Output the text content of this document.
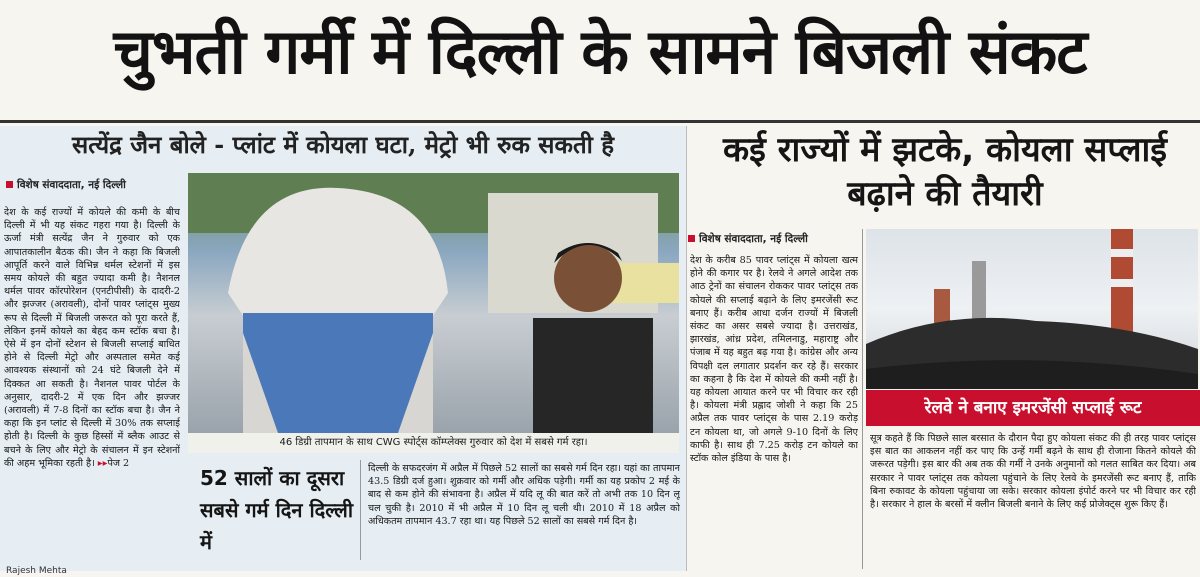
चुभती गर्मी में दिल्ली के सामने बिजली संकट
सत्येंद्र जैन बोले - प्लांट में कोयला घटा, मेट्रो भी रुक सकती है	कई राज्यों में झटके, कोयला सप्लाई बढ़ाने की तैयारी
विशेष संवाददाता, नई दिल्ली
देश के कई राज्यों में कोयले की कमी के बीच दिल्ली में भी यह संकट गहरा गया है। दिल्ली के ऊर्जा मंत्री सत्येंद्र जैन ने गुरुवार को एक आपातकालीन बैठक की। जैन ने कहा कि बिजली आपूर्ति करने वाले विभिन्न थर्मल स्टेशनों में इस समय कोयले की बहुत ज्यादा कमी है। नैशनल थर्मल पावर कॉरपोरेशन (एनटीपीसी) के दादरी-2 और झज्जर (अरावली), दोनों पावर प्लांट्स मुख्य रूप से दिल्ली में बिजली जरूरत को पूरा करते हैं, लेकिन इनमें कोयले का बेहद कम स्टॉक बचा है। ऐसे में इन दोनों स्टेशन से बिजली सप्लाई बाधित होने से दिल्ली मेट्रो और अस्पताल समेत कई आवश्यक संस्थानों को 24 घंटे बिजली देने में दिक्कत आ सकती है। नैशनल पावर पोर्टल के अनुसार, दादरी-2 में एक दिन और झज्जर (अरावली) में 7-8 दिनों का स्टॉक बचा है। जैन ने कहा कि इन प्लांट से दिल्ली में 30% तक सप्लाई होती है। दिल्ली के कुछ हिस्सों में ब्लैक आउट से बचने के लिए और मेट्रो के संचालन में इन स्टेशनों की अहम भूमिका रहती है। ▸▸पेज 2
46 डिग्री तापमान के साथ CWG स्पोर्ट्स कॉम्प्लेक्स गुरुवार को देश में सबसे गर्म रहा।
52 सालों का दूसरा सबसे गर्म दिन दिल्ली में
दिल्ली के सफदरजंग में अप्रैल में पिछले 52 सालों का सबसे गर्म दिन रहा। यहां का तापमान 43.5 डिग्री दर्ज हुआ। शुक्रवार को गर्मी और अधिक पड़ेगी। गर्मी का यह प्रकोप 2 मई के बाद से कम होने की संभावना है। अप्रैल में यदि लू की बात करें तो अभी तक 10 दिन लू चल चुकी है। 2010 में भी अप्रैल में 10 दिन लू चली थी। 2010 में 18 अप्रैल को अधिकतम तापमान 43.7 रहा था। यह पिछले 52 सालों का सबसे गर्म दिन है।
Rajesh Mehta
विशेष संवाददाता, नई दिल्ली
देश के करीब 85 पावर प्लांट्स में कोयला खत्म होने की कगार पर है। रेलवे ने अगले आदेश तक आठ ट्रेनों का संचालन रोककर पावर प्लांट्स तक कोयले की सप्लाई बढ़ाने के लिए इमरजेंसी रूट बनाए हैं। करीब आधा दर्जन राज्यों में बिजली संकट का असर सबसे ज्यादा है। उत्तराखंड, झारखंड, आंध्र प्रदेश, तमिलनाडु, महाराष्ट्र और पंजाब में यह बहुत बढ़ गया है। कांग्रेस और अन्य विपक्षी दल लगातार प्रदर्शन कर रहे हैं। सरकार का कहना है कि देश में कोयले की कमी नहीं है। यह कोयला आयात करने पर भी विचार कर रही है। कोयला मंत्री प्रह्लाद जोशी ने कहा कि 25 अप्रैल तक पावर प्लांट्स के पास 2.19 करोड़ टन कोयला था, जो अगले 9-10 दिनों के लिए काफी है। साथ ही 7.25 करोड़ टन कोयले का स्टॉक कोल इंडिया के पास है।
रेलवे ने बनाए इमरजेंसी सप्लाई रूट
सूत्र कहते हैं कि पिछले साल बरसात के दौरान पैदा हुए कोयला संकट की ही तरह पावर प्लांट्स इस बात का आकलन नहीं कर पाए कि उन्हें गर्मी बढ़ने के साथ ही रोजाना कितने कोयले की जरूरत पड़ेगी। इस बार की अब तक की गर्मी ने उनके अनुमानों को गलत साबित कर दिया। अब सरकार ने पावर प्लांट्स तक कोयला पहुंचाने के लिए रेलवे के इमरजेंसी रूट बनाए हैं, ताकि बिना रुकावट के कोयला पहुंचाया जा सके। सरकार कोयला इंपोर्ट करने पर भी विचार कर रही है। सरकार ने हाल के बरसों में क्लीन बिजली बनाने के लिए कई प्रोजेक्ट्स शुरू किए हैं।
